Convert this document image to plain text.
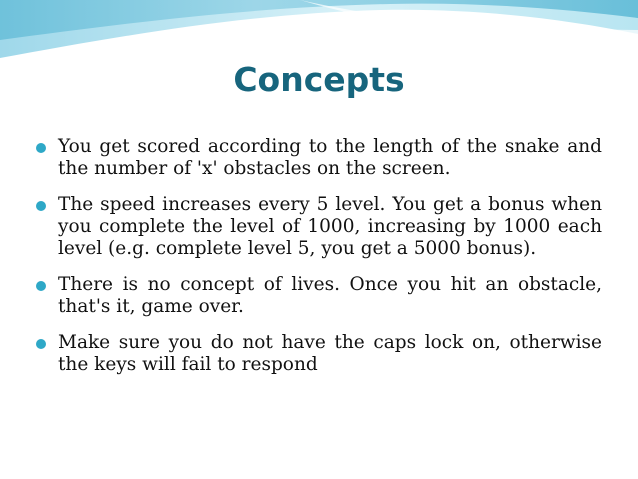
Concepts
You get scored according to the length of the snake and the number of 'x' obstacles on the screen.
The speed increases every 5 level. You get a bonus when you complete the level of 1000, increasing by 1000 each level (e.g. complete level 5, you get a 5000 bonus).
There is no concept of lives. Once you hit an obstacle, that's it, game over.
Make sure you do not have the caps lock on, otherwise the keys will fail to respond
